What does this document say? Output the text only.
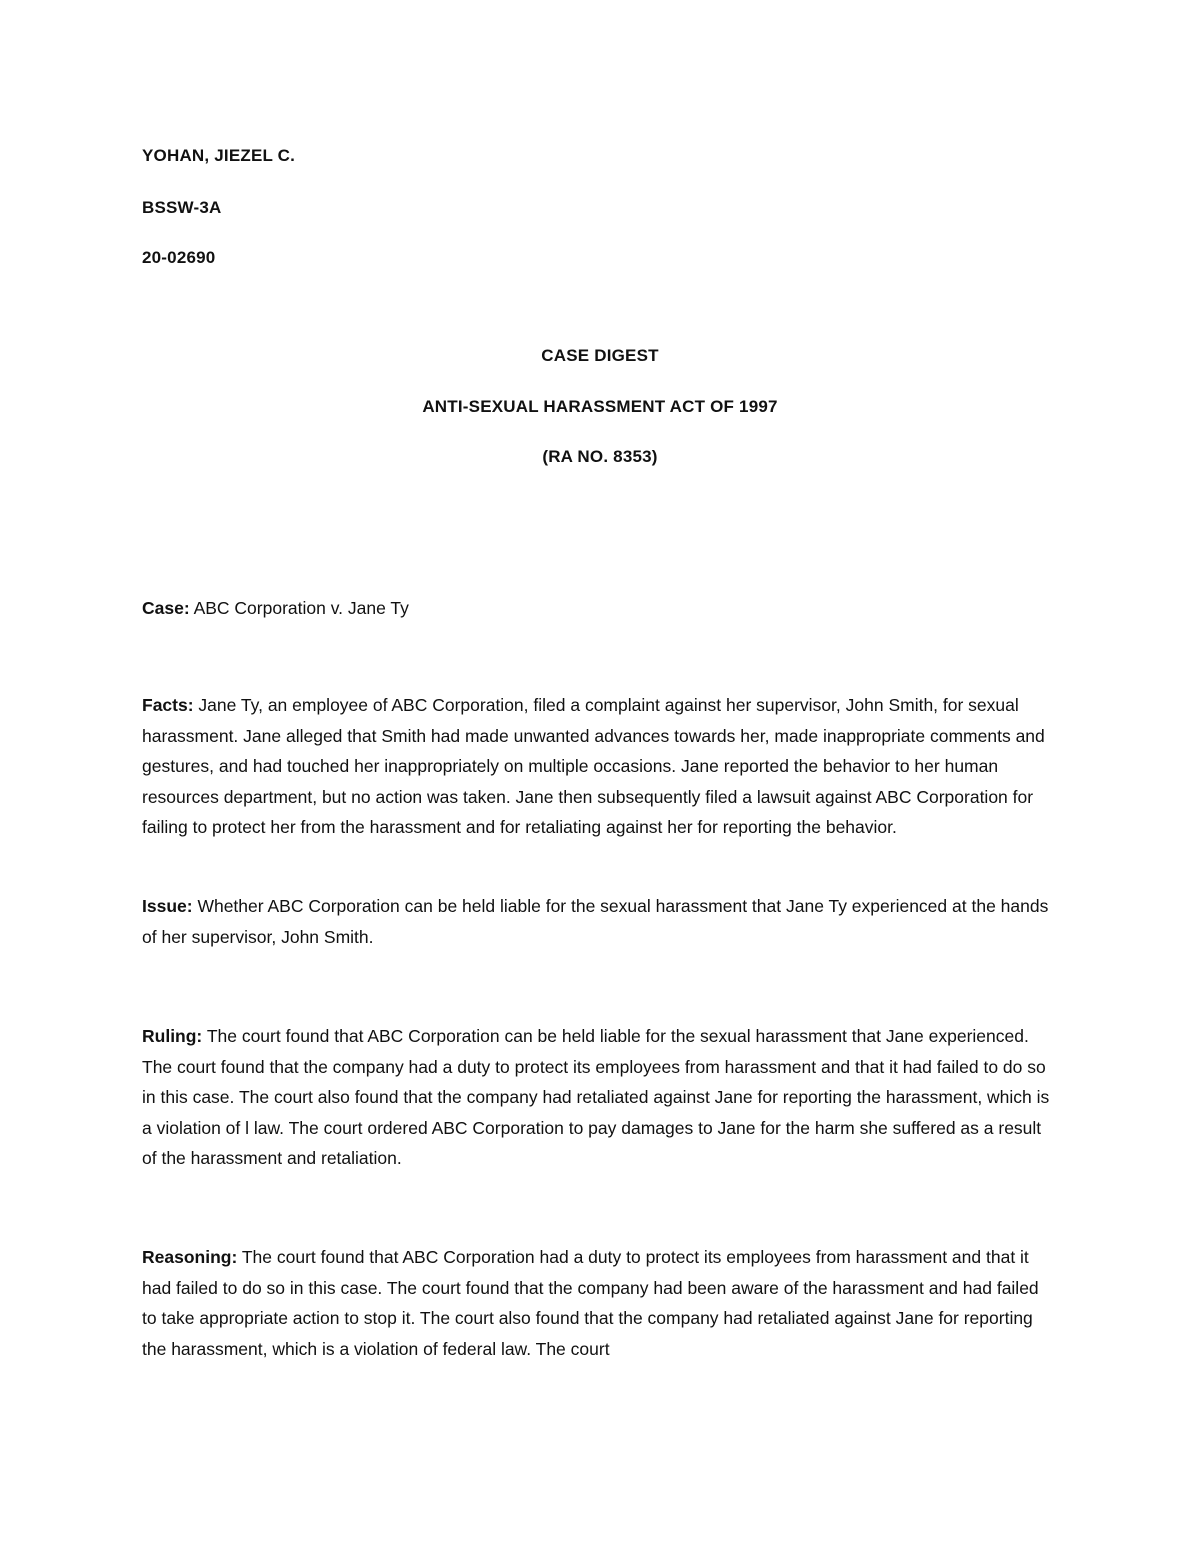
YOHAN, JIEZEL C.
BSSW-3A
20-02690
CASE DIGEST
ANTI-SEXUAL HARASSMENT ACT OF 1997
(RA NO. 8353)
Case: ABC Corporation v. Jane Ty
Facts: Jane Ty, an employee of ABC Corporation, filed a complaint against her supervisor, John Smith, for sexual harassment. Jane alleged that Smith had made unwanted advances towards her, made inappropriate comments and gestures, and had touched her inappropriately on multiple occasions. Jane reported the behavior to her human resources department, but no action was taken. Jane then subsequently filed a lawsuit against ABC Corporation for failing to protect her from the harassment and for retaliating against her for reporting the behavior.
Issue: Whether ABC Corporation can be held liable for the sexual harassment that Jane Ty experienced at the hands of her supervisor, John Smith.
Ruling: The court found that ABC Corporation can be held liable for the sexual harassment that Jane experienced. The court found that the company had a duty to protect its employees from harassment and that it had failed to do so in this case. The court also found that the company had retaliated against Jane for reporting the harassment, which is a violation of l law. The court ordered ABC Corporation to pay damages to Jane for the harm she suffered as a result of the harassment and retaliation.
Reasoning: The court found that ABC Corporation had a duty to protect its employees from harassment and that it had failed to do so in this case. The court found that the company had been aware of the harassment and had failed to take appropriate action to stop it. The court also found that the company had retaliated against Jane for reporting the harassment, which is a violation of federal law. The court
